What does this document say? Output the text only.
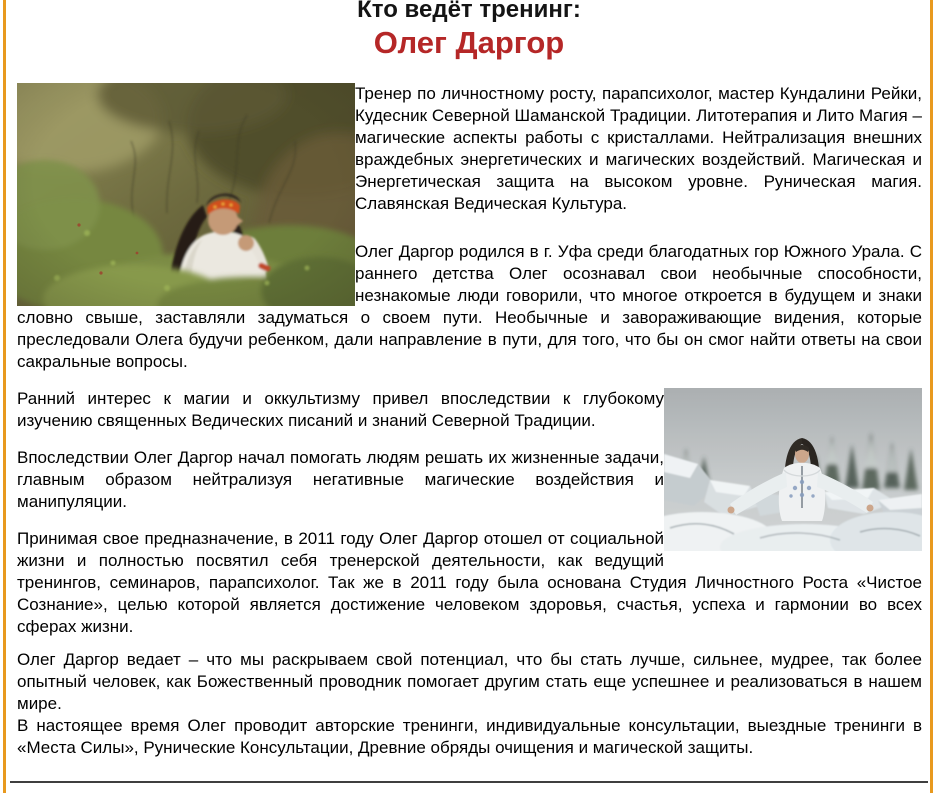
Кто ведёт тренинг:
Олег Даргор

Тренер по личностному росту, парапсихолог, мастер Кундалини Рейки, Кудесник Северной Шаманской Традиции. Литотерапия и Лито Магия – магические аспекты работы с кристаллами. Нейтрализация внешних враждебных энергетических и магических воздействий. Магическая и Энергетическая защита на высоком уровне. Руническая магия. Славянская Ведическая Культура.

Олег Даргор родился в г. Уфа среди благодатных гор Южного Урала. С раннего детства Олег осознавал свои необычные способности, незнакомые люди говорили, что многое откроется в будущем и знаки словно свыше, заставляли задуматься о своем пути. Необычные и завораживающие видения, которые преследовали Олега будучи ребенком, дали направление в пути, для того, что бы он смог найти ответы на свои сакральные вопросы.

Ранний интерес к магии и оккультизму привел впоследствии к глубокому изучению священных Ведических писаний и знаний Северной Традиции.

Впоследствии Олег Даргор начал помогать людям решать их жизненные задачи, главным образом нейтрализуя негативные магические воздействия и манипуляции.

Принимая свое предназначение, в 2011 году Олег Даргор отошел от социальной жизни и полностью посвятил себя тренерской деятельности, как ведущий тренингов, семинаров, парапсихолог. Так же в 2011 году была основана Студия Личностного Роста «Чистое Сознание», целью которой является достижение человеком здоровья, счастья, успеха и гармонии во всех сферах жизни.

Олег Даргор ведает – что мы раскрываем свой потенциал, что бы стать лучше, сильнее, мудрее, так более опытный человек, как Божественный проводник помогает другим стать еще успешнее и реализоваться в нашем мире.

В настоящее время Олег проводит авторские тренинги, индивидуальные консультации, выездные тренинги в «Места Силы», Рунические Консультации, Древние обряды очищения и магической защиты.
